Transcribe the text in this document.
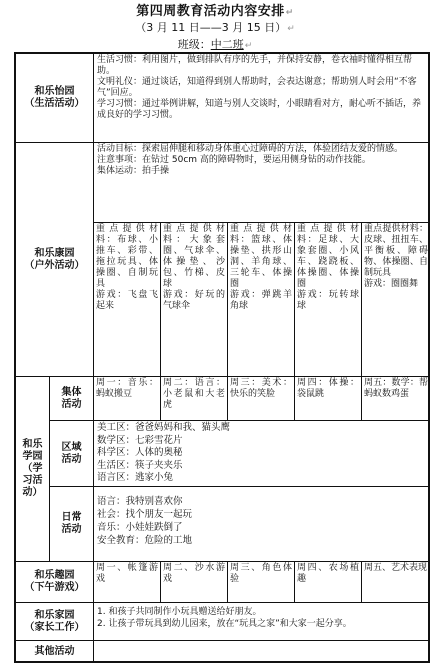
第四周教育活动内容安排↵
（3 月 11 日——3 月 15 日）↵
班级：中二班↵
和乐怡园
（生活活动）
生活习惯：利用图片，做到排队有序的先手，并保持安静，卷衣袖时懂得相互帮助。
文明礼仪：通过谈话，知道得到别人帮助时，会表达谢意；帮助别人时会用“不客气”回应。
学习习惯：通过举例讲解，知道与别人交谈时，小眼睛看对方，耐心听不插话，养成良好的学习习惯。
和乐康园
（户外活动）
活动目标：探索屈伸腿和移动身体重心过障碍的方法，体验团结友爱的情感。
注意事项：在钻过 50cm 高的障碍物时，要运用侧身钻的动作技能。
集体运动：拍手操
重点提供材料：布球、小推车、彩带、拖拉玩具、体操圈、自制玩具
游戏：飞盘飞起来
重点提供材料：大象套圈、气球伞、体操垫、沙包、竹梯、皮球
游戏：好玩的气球伞
重点提供材料：篮球、体操垫、拱形山洞、羊角球、三轮车、体操圈
游戏：弹跳羊角球
重点提供材料：足球、大象套圈、小风车、跷跷板、体操圈、体操圈
游戏：玩转球球
重点提供材料：皮球、扭扭车、平衡板、障碍物、体操圈、自制玩具
游戏：圈圈舞
和乐
学园
（学
习活
动）
集体
活动
周一：音乐：蚂蚁搬豆
周二：语言：小老鼠和大老虎
周三：美术：快乐的笑脸
周四：体操：袋鼠跳
周五：数学：帮蚂蚁数鸡蛋
区域
活动
美工区：爸爸妈妈和我、猫头鹰
数学区：七彩雪花片
科学区：人体的奥秘
生活区：筷子夹夹乐
语言区：逃家小兔
日常
活动
语言：我特别喜欢你
社会：找个朋友一起玩
音乐：小娃娃跌倒了
安全教育：危险的工地
和乐趣园
（下午游戏）
周一、帐篷游戏
周二、沙水游戏
周三、角色体验
周四、农场植趣
周五、艺术表现
和乐家园
（家长工作）
1. 和孩子共同制作小玩具赠送给好朋友。
2. 让孩子带玩具到幼儿园来，放在“玩具之家”和大家一起分享。
其他活动
